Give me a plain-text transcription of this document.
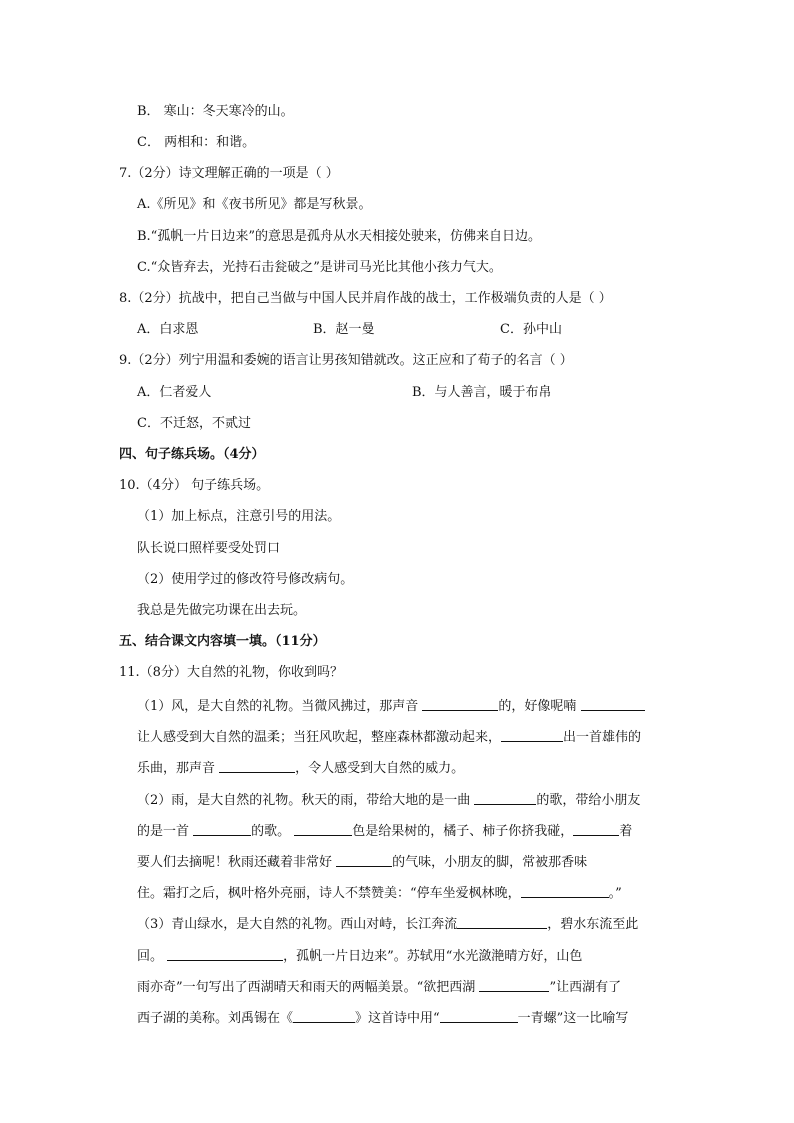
B． 寒山：冬天寒冷的山。
C． 两相和：和谐。
7.（2分）诗文理解正确的一项是（ ）
A.《所见》和《夜书所见》都是写秋景。
B.“孤帆一片日边来”的意思是孤舟从水天相接处驶来，仿佛来自日边。
C.“众皆弃去，光持石击瓮破之”是讲司马光比其他小孩力气大。
8.（2分）抗战中，把自己当做与中国人民并肩作战的战士，工作极端负责的人是（ ）
A．白求恩	B．赵一曼	C．孙中山
9.（2分）列宁用温和委婉的语言让男孩知错就改。这正应和了荀子的名言（ ）
A．仁者爱人	B．与人善言，暖于布帛
C．不迁怒，不贰过
四、句子练兵场。（4分）
10.（4分） 句子练兵场。
（1）加上标点，注意引号的用法。
队长说口照样要受处罚口
（2）使用学过的修改符号修改病句。
我总是先做完功课在出去玩。
五、结合课文内容填一填。（11分）
11.（8分）大自然的礼物，你收到吗？
（1）风，是大自然的礼物。当微风拂过，那声音	的，好像呢喃
让人感受到大自然的温柔；当狂风吹起，整座森林都激动起来，	出一首雄伟的
乐曲，那声音	，令人感受到大自然的威力。
（2）雨，是大自然的礼物。秋天的雨，带给大地的是一曲	的歌，带给小朋友
的是一首	的歌。	色是给果树的，橘子、柿子你挤我碰，	着
要人们去摘呢！秋雨还藏着非常好	的气味，小朋友的脚，常被那香味
住。霜打之后，枫叶格外亮丽，诗人不禁赞美：“停车坐爱枫林晚，	。”
（3）青山绿水，是大自然的礼物。西山对峙，长江奔流	，碧水东流至此
回。	，孤帆一片日边来”。苏轼用“水光潋滟晴方好，山色
雨亦奇”一句写出了西湖晴天和雨天的两幅美景。“欲把西湖	”让西湖有了
西子湖的美称。刘禹锡在《	》这首诗中用“	一青螺”这一比喻写
